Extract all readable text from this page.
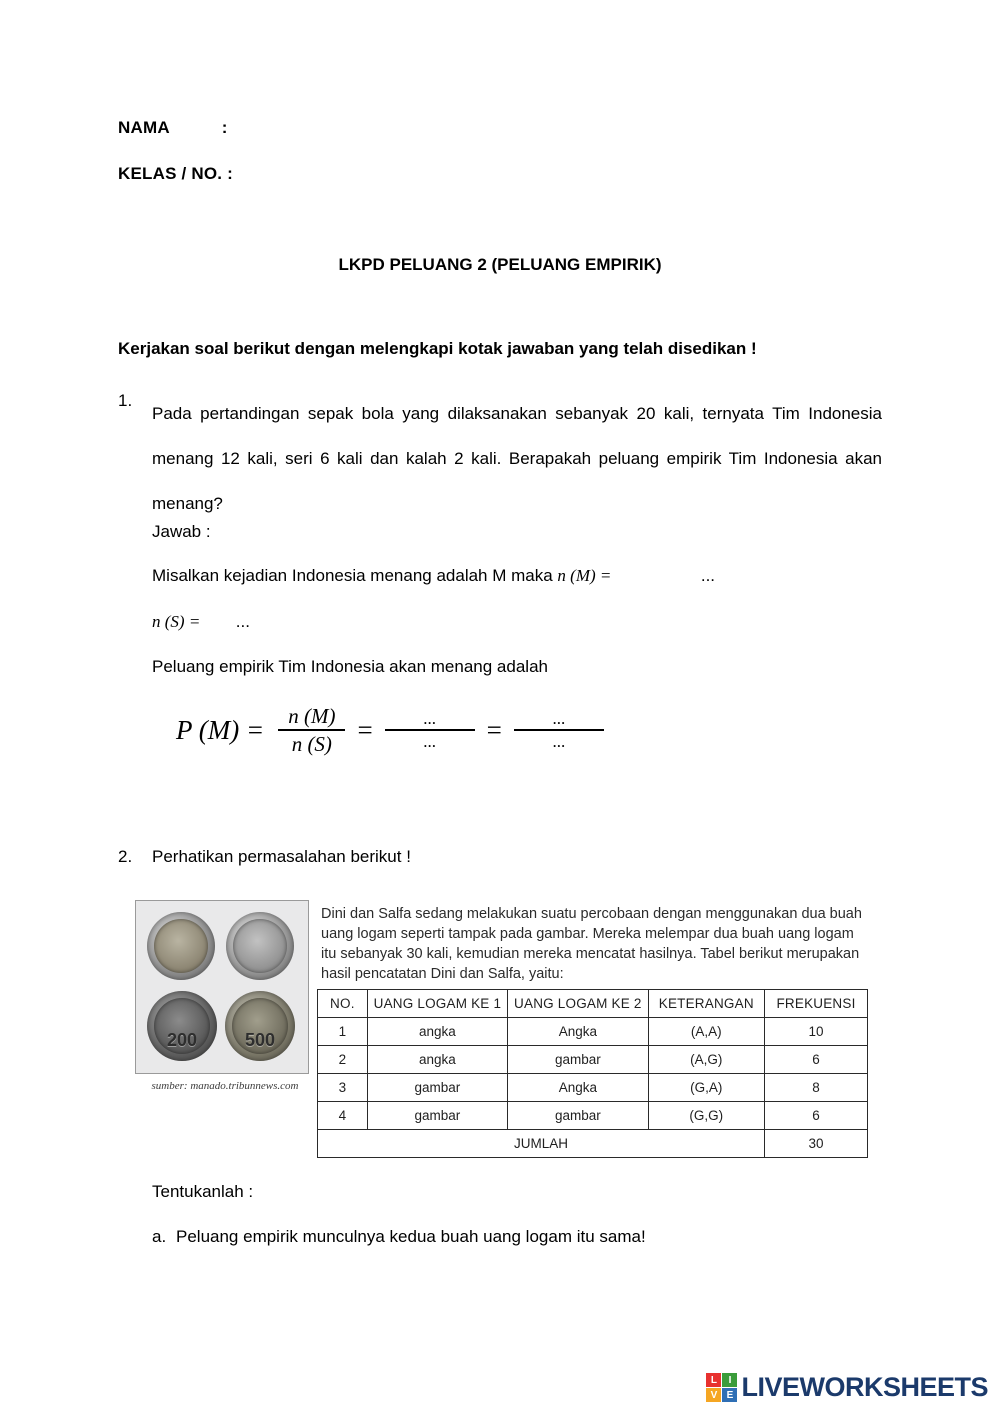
NAMA	:
KELAS / NO. :
LKPD PELUANG 2 (PELUANG EMPIRIK)
Kerjakan soal berikut dengan melengkapi kotak jawaban yang telah disedikan !
1.
Pada pertandingan sepak bola yang dilaksanakan sebanyak 20 kali, ternyata Tim Indonesia menang 12 kali, seri 6 kali dan kalah 2 kali. Berapakah peluang empirik Tim Indonesia akan menang?
Jawab :
Misalkan kejadian Indonesia menang adalah M maka n (M) =	...
n (S) = ...
Peluang empirik Tim Indonesia akan menang adalah
P $(M) = \frac{n (M)}{n (S)} = \frac{...}{...} = \frac{...}{...}$
2. Perhatikan permasalahan berikut !
200	500
sumber: manado.tribunnews.com
Dini dan Salfa sedang melakukan suatu percobaan dengan menggunakan dua buah uang logam seperti tampak pada gambar. Mereka melempar dua buah uang logam itu sebanyak 30 kali, kemudian mereka mencatat hasilnya. Tabel berikut merupakan hasil pencatatan Dini dan Salfa, yaitu:
NO.	UANG LOGAM KE 1	UANG LOGAM KE 2	KETERANGAN	FREKUENSI
1	angka	Angka	(A,A)	10
2	angka	gambar	(A,G)	6
3	gambar	Angka	(G,A)	8
4	gambar	gambar	(G,G)	6
JUMLAH				30
Tentukanlah :
a. Peluang empirik munculnya kedua buah uang logam itu sama!
L	I
V E LIVEWORKSHEETS
